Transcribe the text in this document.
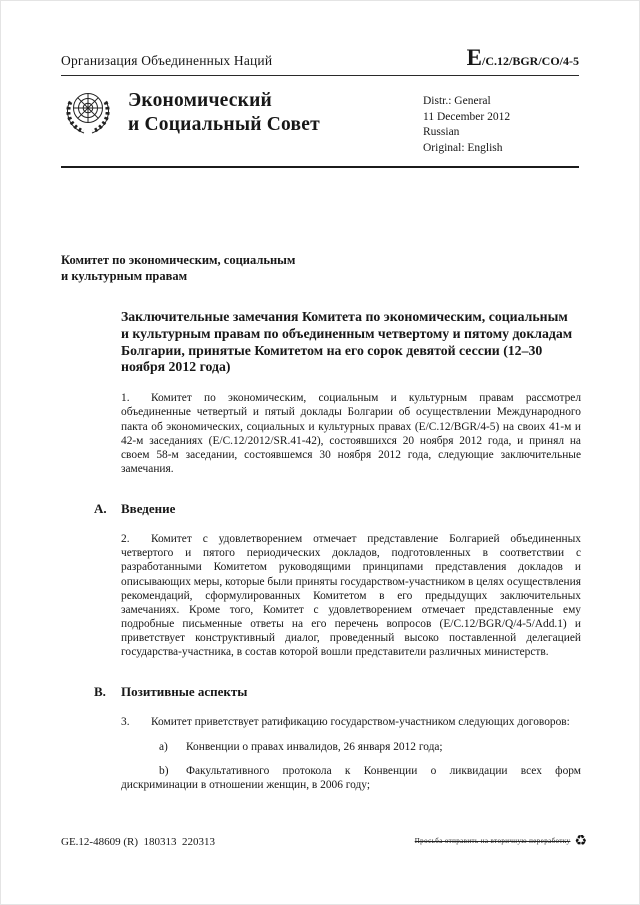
Организация Объединенных Наций	E/C.12/BGR/CO/4-5
Экономический
и Социальный Совет
Distr.: General
11 December 2012
Russian
Original: English
Комитет по экономическим, социальным
и культурным правам
Заключительные замечания Комитета по экономическим, социальным и культурным правам по объединенным четвертому и пятому докладам Болгарии, принятые Комитетом на его сорок девятой сессии (12–30 ноября 2012 года)

1. Комитет по экономическим, социальным и культурным правам рассмотрел объединенные четвертый и пятый доклады Болгарии об осуществлении Международного пакта об экономических, социальных и культурных правах (E/C.12/BGR/4-5) на своих 41-м и 42-м заседаниях (E/C.12/2012/SR.41-42), состоявшихся 20 ноября 2012 года, и принял на своем 58-м заседании, состоявшемся 30 ноября 2012 года, следующие заключительные замечания.

A.	Введение

2. Комитет с удовлетворением отмечает представление Болгарией объединенных четвертого и пятого периодических докладов, подготовленных в соответствии с разработанными Комитетом руководящими принципами представления докладов и описывающих меры, которые были приняты государством-участником в целях осуществления рекомендаций, сформулированных Комитетом в его предыдущих заключительных замечаниях. Кроме того, Комитет с удовлетворением отмечает представленные ему подробные письменные ответы на его перечень вопросов (E/C.12/BGR/Q/4-5/Add.1) и приветствует конструктивный диалог, проведенный высоко поставленной делегацией государства-участника, в состав которой вошли представители различных министерств.

B.	Позитивные аспекты

3. Комитет приветствует ратификацию государством-участником следующих договоров:

a) Конвенции о правах инвалидов, 26 января 2012 года;

b) Факультативного протокола к Конвенции о ликвидации всех форм дискриминации в отношении женщин, в 2006 году;

GE.12-48609 (R)  180313  220313	Просьба отправить на вторичную переработку ♻
